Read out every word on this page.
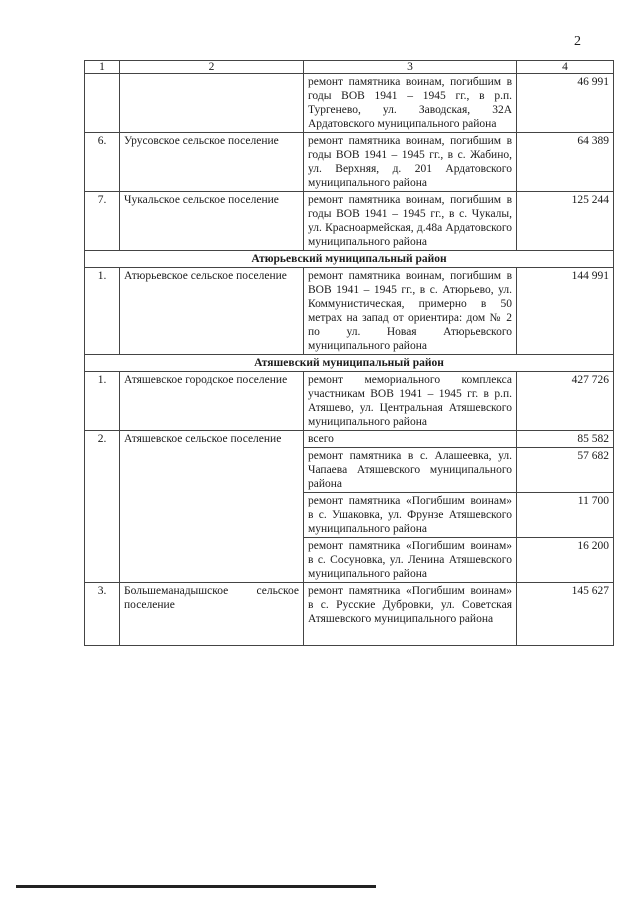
2
1	2	3	4
		ремонт памятника воинам, погибшим в годы ВОВ 1941 – 1945 гг., в р.п. Тургенево, ул. Заводская, 32А Ардатовского муниципального района	46 991
6.	Урусовское сельское поселение	ремонт памятника воинам, погибшим в годы ВОВ 1941 – 1945 гг., в с. Жабино, ул. Верхняя, д. 201 Ардатовского муниципального района	64 389
7.	Чукальское сельское поселение	ремонт памятника воинам, погибшим в годы ВОВ 1941 – 1945 гг., в с. Чукалы, ул. Красноармейская, д.48а Ардатовского муниципального района	125 244
Атюрьевский муниципальный район			
1.	Атюрьевское сельское поселение	ремонт памятника воинам, погибшим в ВОВ 1941 – 1945 гг., в с. Атюрьево, ул. Коммунистическая, примерно в 50 метрах на запад от ориентира: дом № 2 по ул. Новая Атюрьевского муниципального района	144 991
Атяшевский муниципальный район			
1.	Атяшевское городское поселение	ремонт мемориального комплекса участникам ВОВ 1941 – 1945 гг. в р.п. Атяшево, ул. Центральная Атяшевского муниципального района	427 726
2.	Атяшевское сельское поселение	всего	85 582
		ремонт памятника в с. Алашеевка, ул. Чапаева Атяшевского муниципального района	57 682
		ремонт памятника «Погибшим воинам» в с. Ушаковка, ул. Фрунзе Атяшевского муниципального района	11 700
		ремонт памятника «Погибшим воинам» в с. Сосуновка, ул. Ленина Атяшевского муниципального района	16 200
3.	Большеманадышское сельское поселение	ремонт памятника «Погибшим воинам» в с. Русские Дубровки, ул. Советская Атяшевского муниципального района	145 627
